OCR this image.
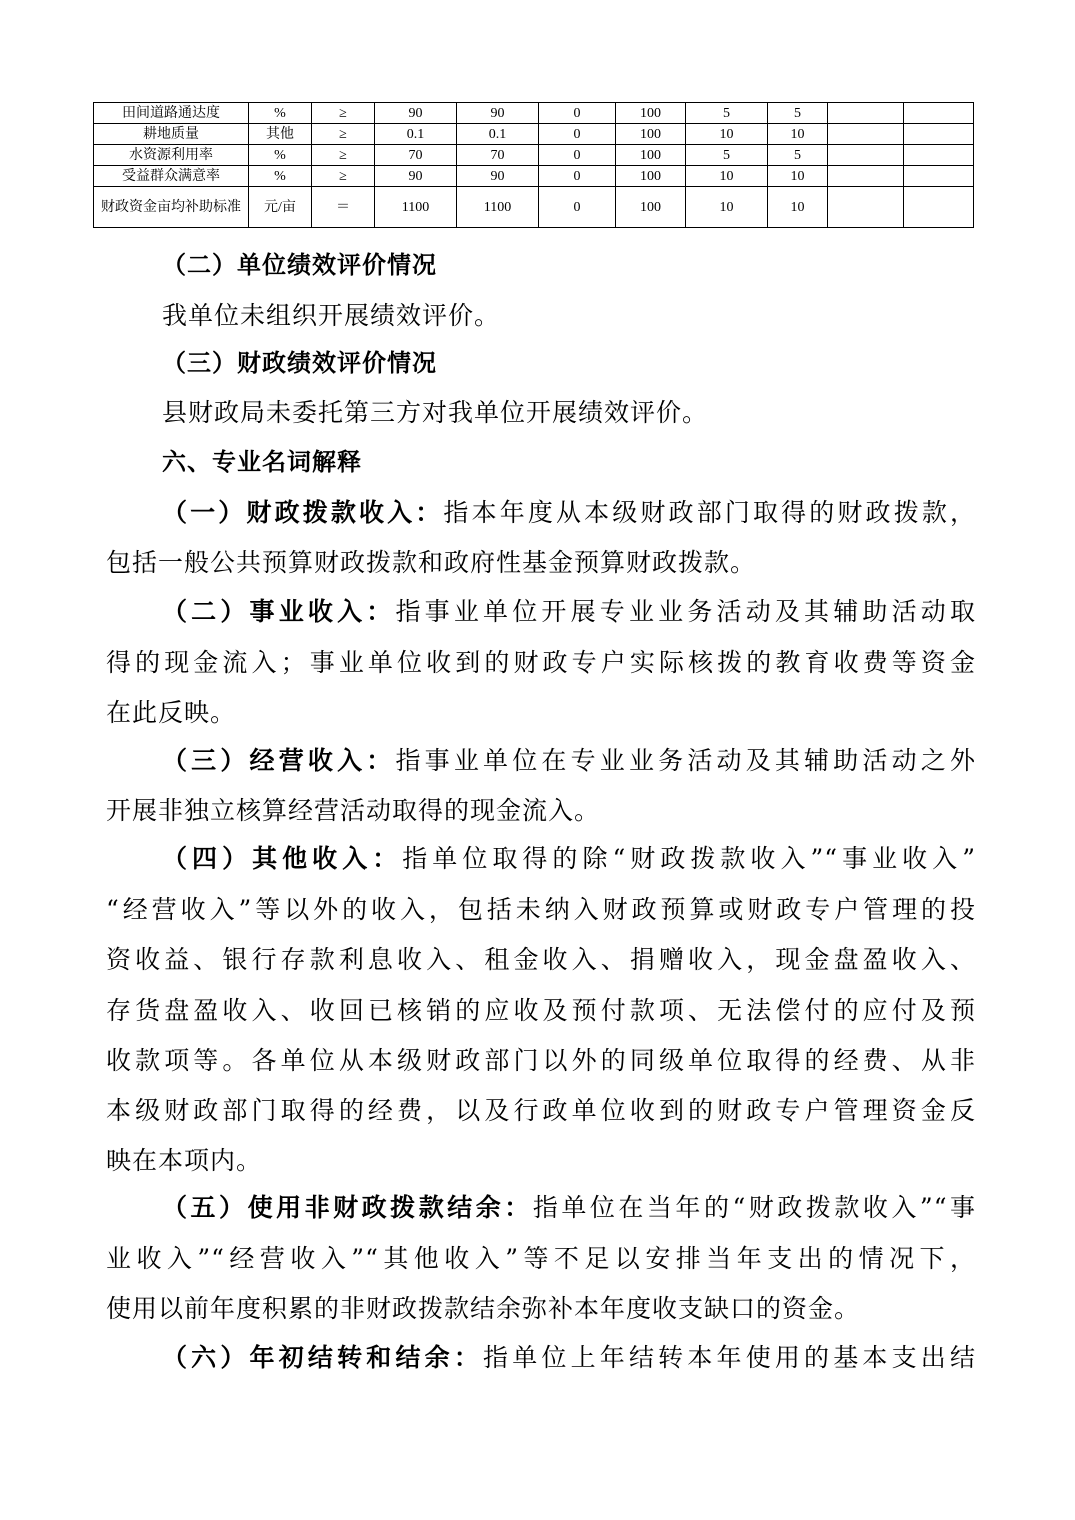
田间道路通达度	%	≥	90	90	0	100	5	5		
耕地质量	其他	≥	0.1	0.1	0	100	10	10		
水资源利用率	%	≥	70	70	0	100	5	5		
受益群众满意率	%	≥	90	90	0	100	10	10		
财政资金亩均补助标准	元/亩	＝	1100	1100	0	100	10	10		

（二）单位绩效评价情况

我单位未组织开展绩效评价。

（三）财政绩效评价情况

县财政局未委托第三方对我单位开展绩效评价。

六、专业名词解释

（一）财政拨款收入：指本年度从本级财政部门取得的财政拨款，

包括一般公共预算财政拨款和政府性基金预算财政拨款。

（二）事业收入：指事业单位开展专业业务活动及其辅助活动取

得的现金流入；事业单位收到的财政专户实际核拨的教育收费等资金

在此反映。

（三）经营收入：指事业单位在专业业务活动及其辅助活动之外

开展非独立核算经营活动取得的现金流入。

（四）其他收入：指单位取得的除“财政拨款收入”“事业收入”

“经营收入”等以外的收入，包括未纳入财政预算或财政专户管理的投

资收益、银行存款利息收入、租金收入、捐赠收入，现金盘盈收入、

存货盘盈收入、收回已核销的应收及预付款项、无法偿付的应付及预

收款项等。各单位从本级财政部门以外的同级单位取得的经费、从非

本级财政部门取得的经费，以及行政单位收到的财政专户管理资金反

映在本项内。

（五）使用非财政拨款结余：指单位在当年的“财政拨款收入”“事

业收入”“经营收入”“其他收入”等不足以安排当年支出的情况下，

使用以前年度积累的非财政拨款结余弥补本年度收支缺口的资金。

（六）年初结转和结余：指单位上年结转本年使用的基本支出结
